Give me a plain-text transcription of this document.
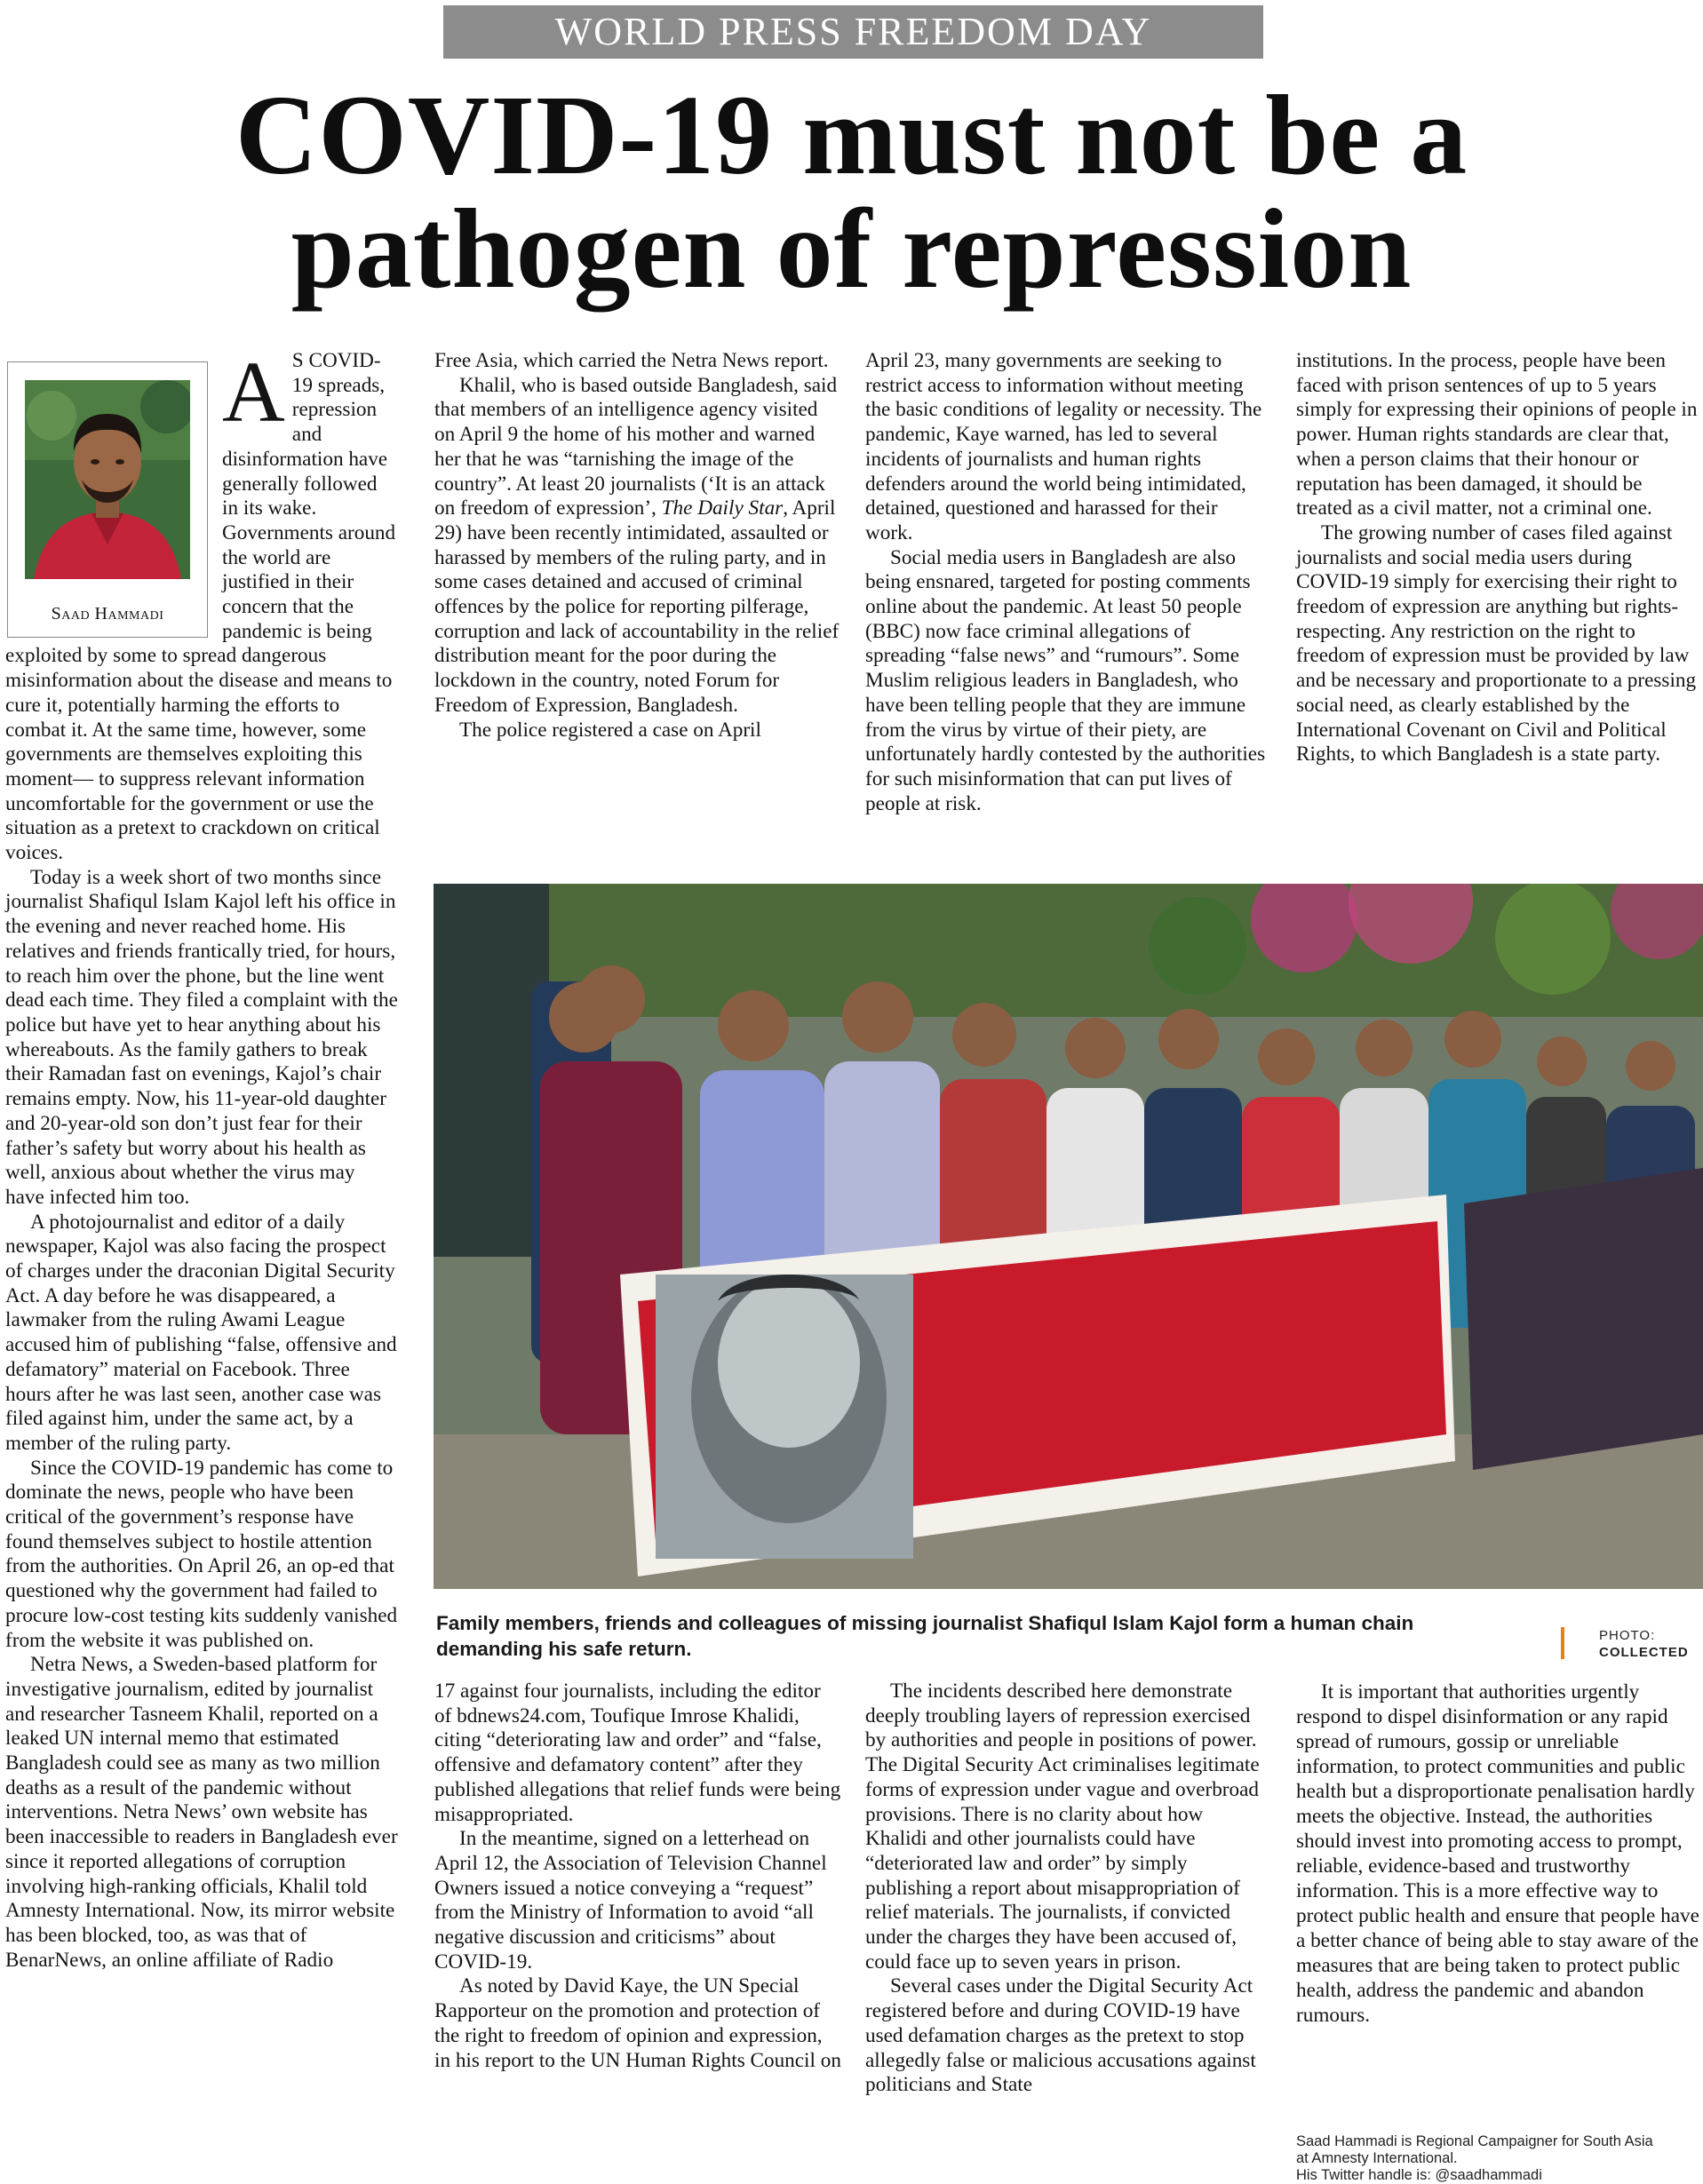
WORLD PRESS FREEDOM DAY
COVID-19 must not be a
pathogen of repression
Saad Hammadi

A S COVID-19 spreads, repression and disinformation have generally followed in its wake. Governments around the world are justified in their concern that the pandemic is being exploited by some to spread dangerous misinformation about the disease and means to cure it, potentially harming the efforts to combat it. At the same time, however, some governments are themselves exploiting this moment— to suppress relevant information uncomfortable for the government or use the situation as a pretext to crackdown on critical voices.

Today is a week short of two months since journalist Shafiqul Islam Kajol left his office in the evening and never reached home. His relatives and friends frantically tried, for hours, to reach him over the phone, but the line went dead each time. They filed a complaint with the police but have yet to hear anything about his whereabouts. As the family gathers to break their Ramadan fast on evenings, Kajol’s chair remains empty. Now, his 11-year-old daughter and 20-year-old son don’t just fear for their father’s safety but worry about his health as well, anxious about whether the virus may have infected him too.

A photojournalist and editor of a daily newspaper, Kajol was also facing the prospect of charges under the draconian Digital Security Act. A day before he was disappeared, a lawmaker from the ruling Awami League accused him of publishing “false, offensive and defamatory” material on Facebook. Three hours after he was last seen, another case was filed against him, under the same act, by a member of the ruling party.

Since the COVID-19 pandemic has come to dominate the news, people who have been critical of the government’s response have found themselves subject to hostile attention from the authorities. On April 26, an op-ed that questioned why the government had failed to procure low-cost testing kits suddenly vanished from the website it was published on.

Netra News, a Sweden-based platform for investigative journalism, edited by journalist and researcher Tasneem Khalil, reported on a leaked UN internal memo that estimated Bangladesh could see as many as two million deaths as a result of the pandemic without interventions. Netra News’ own website has been inaccessible to readers in Bangladesh ever since it reported allegations of corruption involving high-ranking officials, Khalil told Amnesty International. Now, its mirror website has been blocked, too, as was that of BenarNews, an online affiliate of Radio

Free Asia, which carried the Netra News report.

Khalil, who is based outside Bangladesh, said that members of an intelligence agency visited on April 9 the home of his mother and warned her that he was “tarnishing the image of the country”. At least 20 journalists (‘It is an attack on freedom of expression’, The Daily Star, April 29) have been recently intimidated, assaulted or harassed by members of the ruling party, and in some cases detained and accused of criminal offences by the police for reporting pilferage, corruption and lack of accountability in the relief distribution meant for the poor during the lockdown in the country, noted Forum for Freedom of Expression, Bangladesh.

The police registered a case on April

April 23, many governments are seeking to restrict access to information without meeting the basic conditions of legality or necessity. The pandemic, Kaye warned, has led to several incidents of journalists and human rights defenders around the world being intimidated, detained, questioned and harassed for their work.

Social media users in Bangladesh are also being ensnared, targeted for posting comments online about the pandemic. At least 50 people (BBC) now face criminal allegations of spreading “false news” and “rumours”. Some Muslim religious leaders in Bangladesh, who have been telling people that they are immune from the virus by virtue of their piety, are unfortunately hardly contested by the authorities for such misinformation that can put lives of people at risk.

institutions. In the process, people have been faced with prison sentences of up to 5 years simply for expressing their opinions of people in power. Human rights standards are clear that, when a person claims that their honour or reputation has been damaged, it should be treated as a civil matter, not a criminal one.

The growing number of cases filed against journalists and social media users during COVID-19 simply for exercising their right to freedom of expression are anything but rights-respecting. Any restriction on the right to freedom of expression must be provided by law and be necessary and proportionate to a pressing social need, as clearly established by the International Covenant on Civil and Political Rights, to which Bangladesh is a state party.

Family members, friends and colleagues of missing journalist Shafiqul Islam Kajol form a human chain demanding his safe return.
PHOTO:
COLLECTED

17 against four journalists, including the editor of bdnews24.com, Toufique Imrose Khalidi, citing “deteriorating law and order” and “false, offensive and defamatory content” after they published allegations that relief funds were being misappropriated.

In the meantime, signed on a letterhead on April 12, the Association of Television Channel Owners issued a notice conveying a “request” from the Ministry of Information to avoid “all negative discussion and criticisms” about COVID-19.

As noted by David Kaye, the UN Special Rapporteur on the promotion and protection of the right to freedom of opinion and expression, in his report to the UN Human Rights Council on

The incidents described here demonstrate deeply troubling layers of repression exercised by authorities and people in positions of power. The Digital Security Act criminalises legitimate forms of expression under vague and overbroad provisions. There is no clarity about how Khalidi and other journalists could have “deteriorated law and order” by simply publishing a report about misappropriation of relief materials. The journalists, if convicted under the charges they have been accused of, could face up to seven years in prison.

Several cases under the Digital Security Act registered before and during COVID-19 have used defamation charges as the pretext to stop allegedly false or malicious accusations against politicians and State

It is important that authorities urgently respond to dispel disinformation or any rapid spread of rumours, gossip or unreliable information, to protect communities and public health but a disproportionate penalisation hardly meets the objective. Instead, the authorities should invest into promoting access to prompt, reliable, evidence-based and trustworthy information. This is a more effective way to protect public health and ensure that people have a better chance of being able to stay aware of the measures that are being taken to protect public health, address the pandemic and abandon rumours.

Saad Hammadi is Regional Campaigner for South Asia
at Amnesty International.
His Twitter handle is: @saadhammadi
